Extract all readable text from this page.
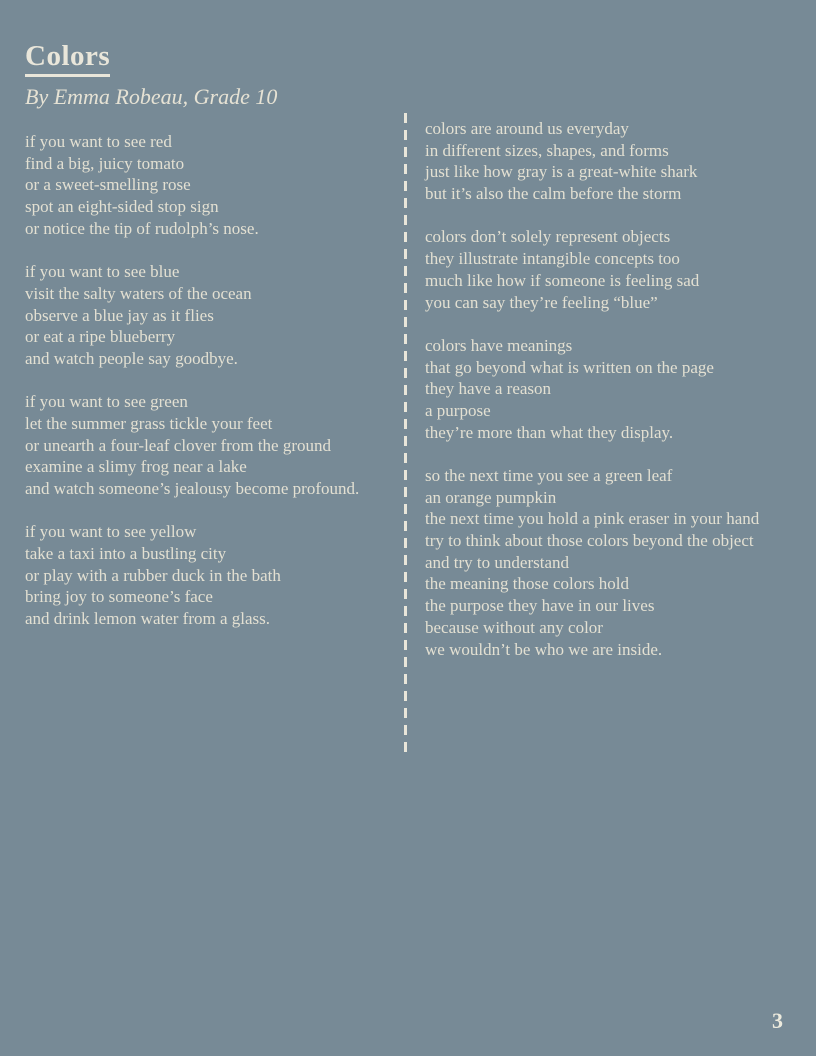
Colors
By Emma Robeau, Grade 10
if you want to see red
find a big, juicy tomato
or a sweet-smelling rose
spot an eight-sided stop sign
or notice the tip of rudolph’s nose.
if you want to see blue
visit the salty waters of the ocean
observe a blue jay as it flies
or eat a ripe blueberry
and watch people say goodbye.
if you want to see green
let the summer grass tickle your feet
or unearth a four-leaf clover from the ground
examine a slimy frog near a lake
and watch someone’s jealousy become profound.
if you want to see yellow
take a taxi into a bustling city
or play with a rubber duck in the bath
bring joy to someone’s face
and drink lemon water from a glass.
colors are around us everyday
in different sizes, shapes, and forms
just like how gray is a great-white shark
but it’s also the calm before the storm
colors don’t solely represent objects
they illustrate intangible concepts too
much like how if someone is feeling sad
you can say they’re feeling “blue”
colors have meanings
that go beyond what is written on the page
they have a reason
a purpose
they’re more than what they display.
so the next time you see a green leaf
an orange pumpkin
the next time you hold a pink eraser in your hand
try to think about those colors beyond the object
and try to understand
the meaning those colors hold
the purpose they have in our lives
because without any color
we wouldn’t be who we are inside.
3
